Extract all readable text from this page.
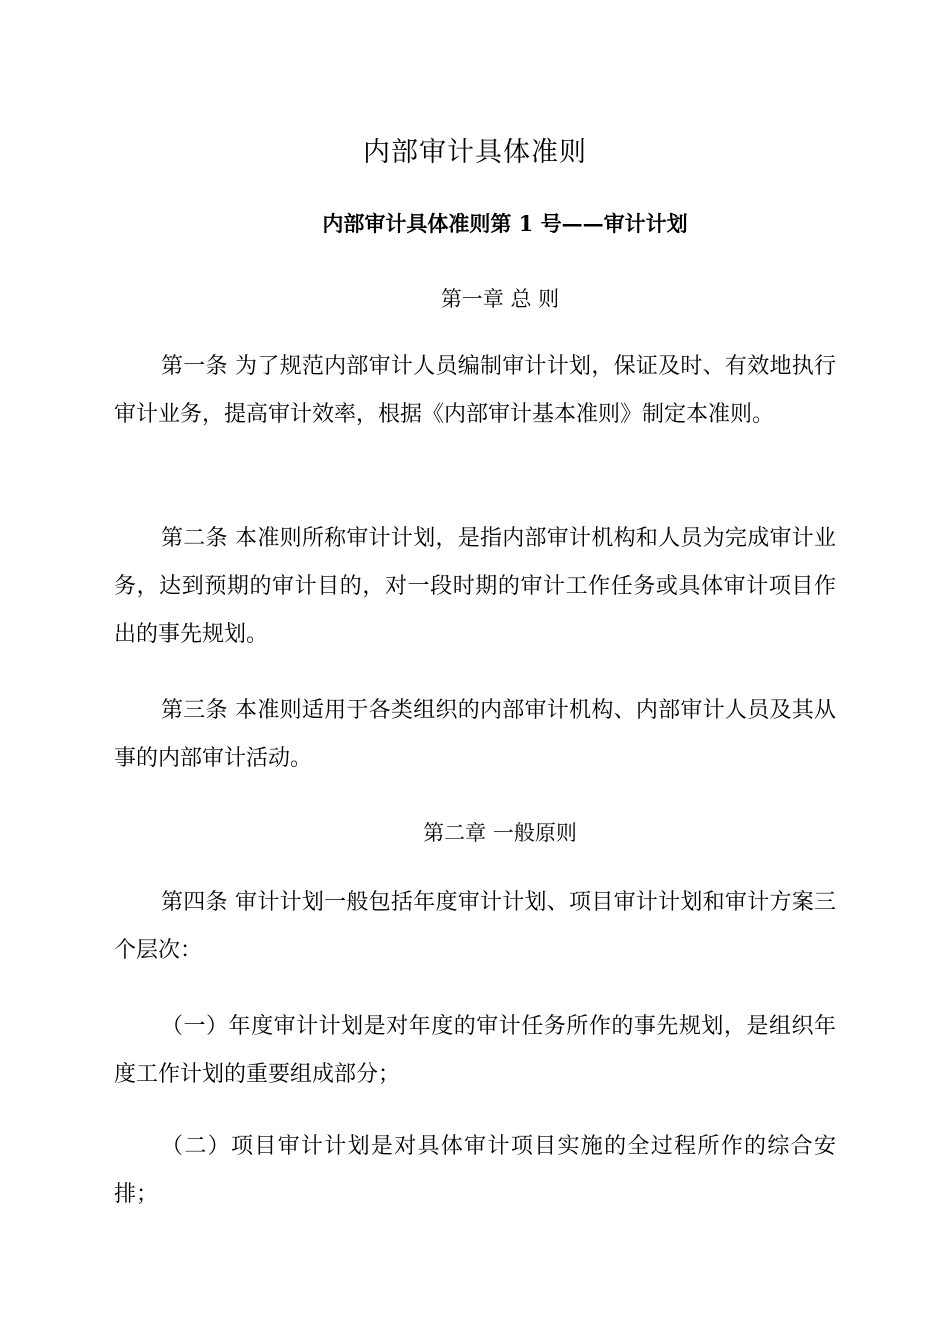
内部审计具体准则
内部审计具体准则第 1 号——审计计划
第一章 总 则

第一条 为了规范内部审计人员编制审计计划，保证及时、有效地执行审计业务，提高审计效率，根据《内部审计基本准则》制定本准则。

第二条 本准则所称审计计划，是指内部审计机构和人员为完成审计业务，达到预期的审计目的，对一段时期的审计工作任务或具体审计项目作出的事先规划。

第三条 本准则适用于各类组织的内部审计机构、内部审计人员及其从事的内部审计活动。

第二章 一般原则

第四条 审计计划一般包括年度审计计划、项目审计计划和审计方案三个层次：

（一）年度审计计划是对年度的审计任务所作的事先规划，是组织年度工作计划的重要组成部分；

（二）项目审计计划是对具体审计项目实施的全过程所作的综合安排；
